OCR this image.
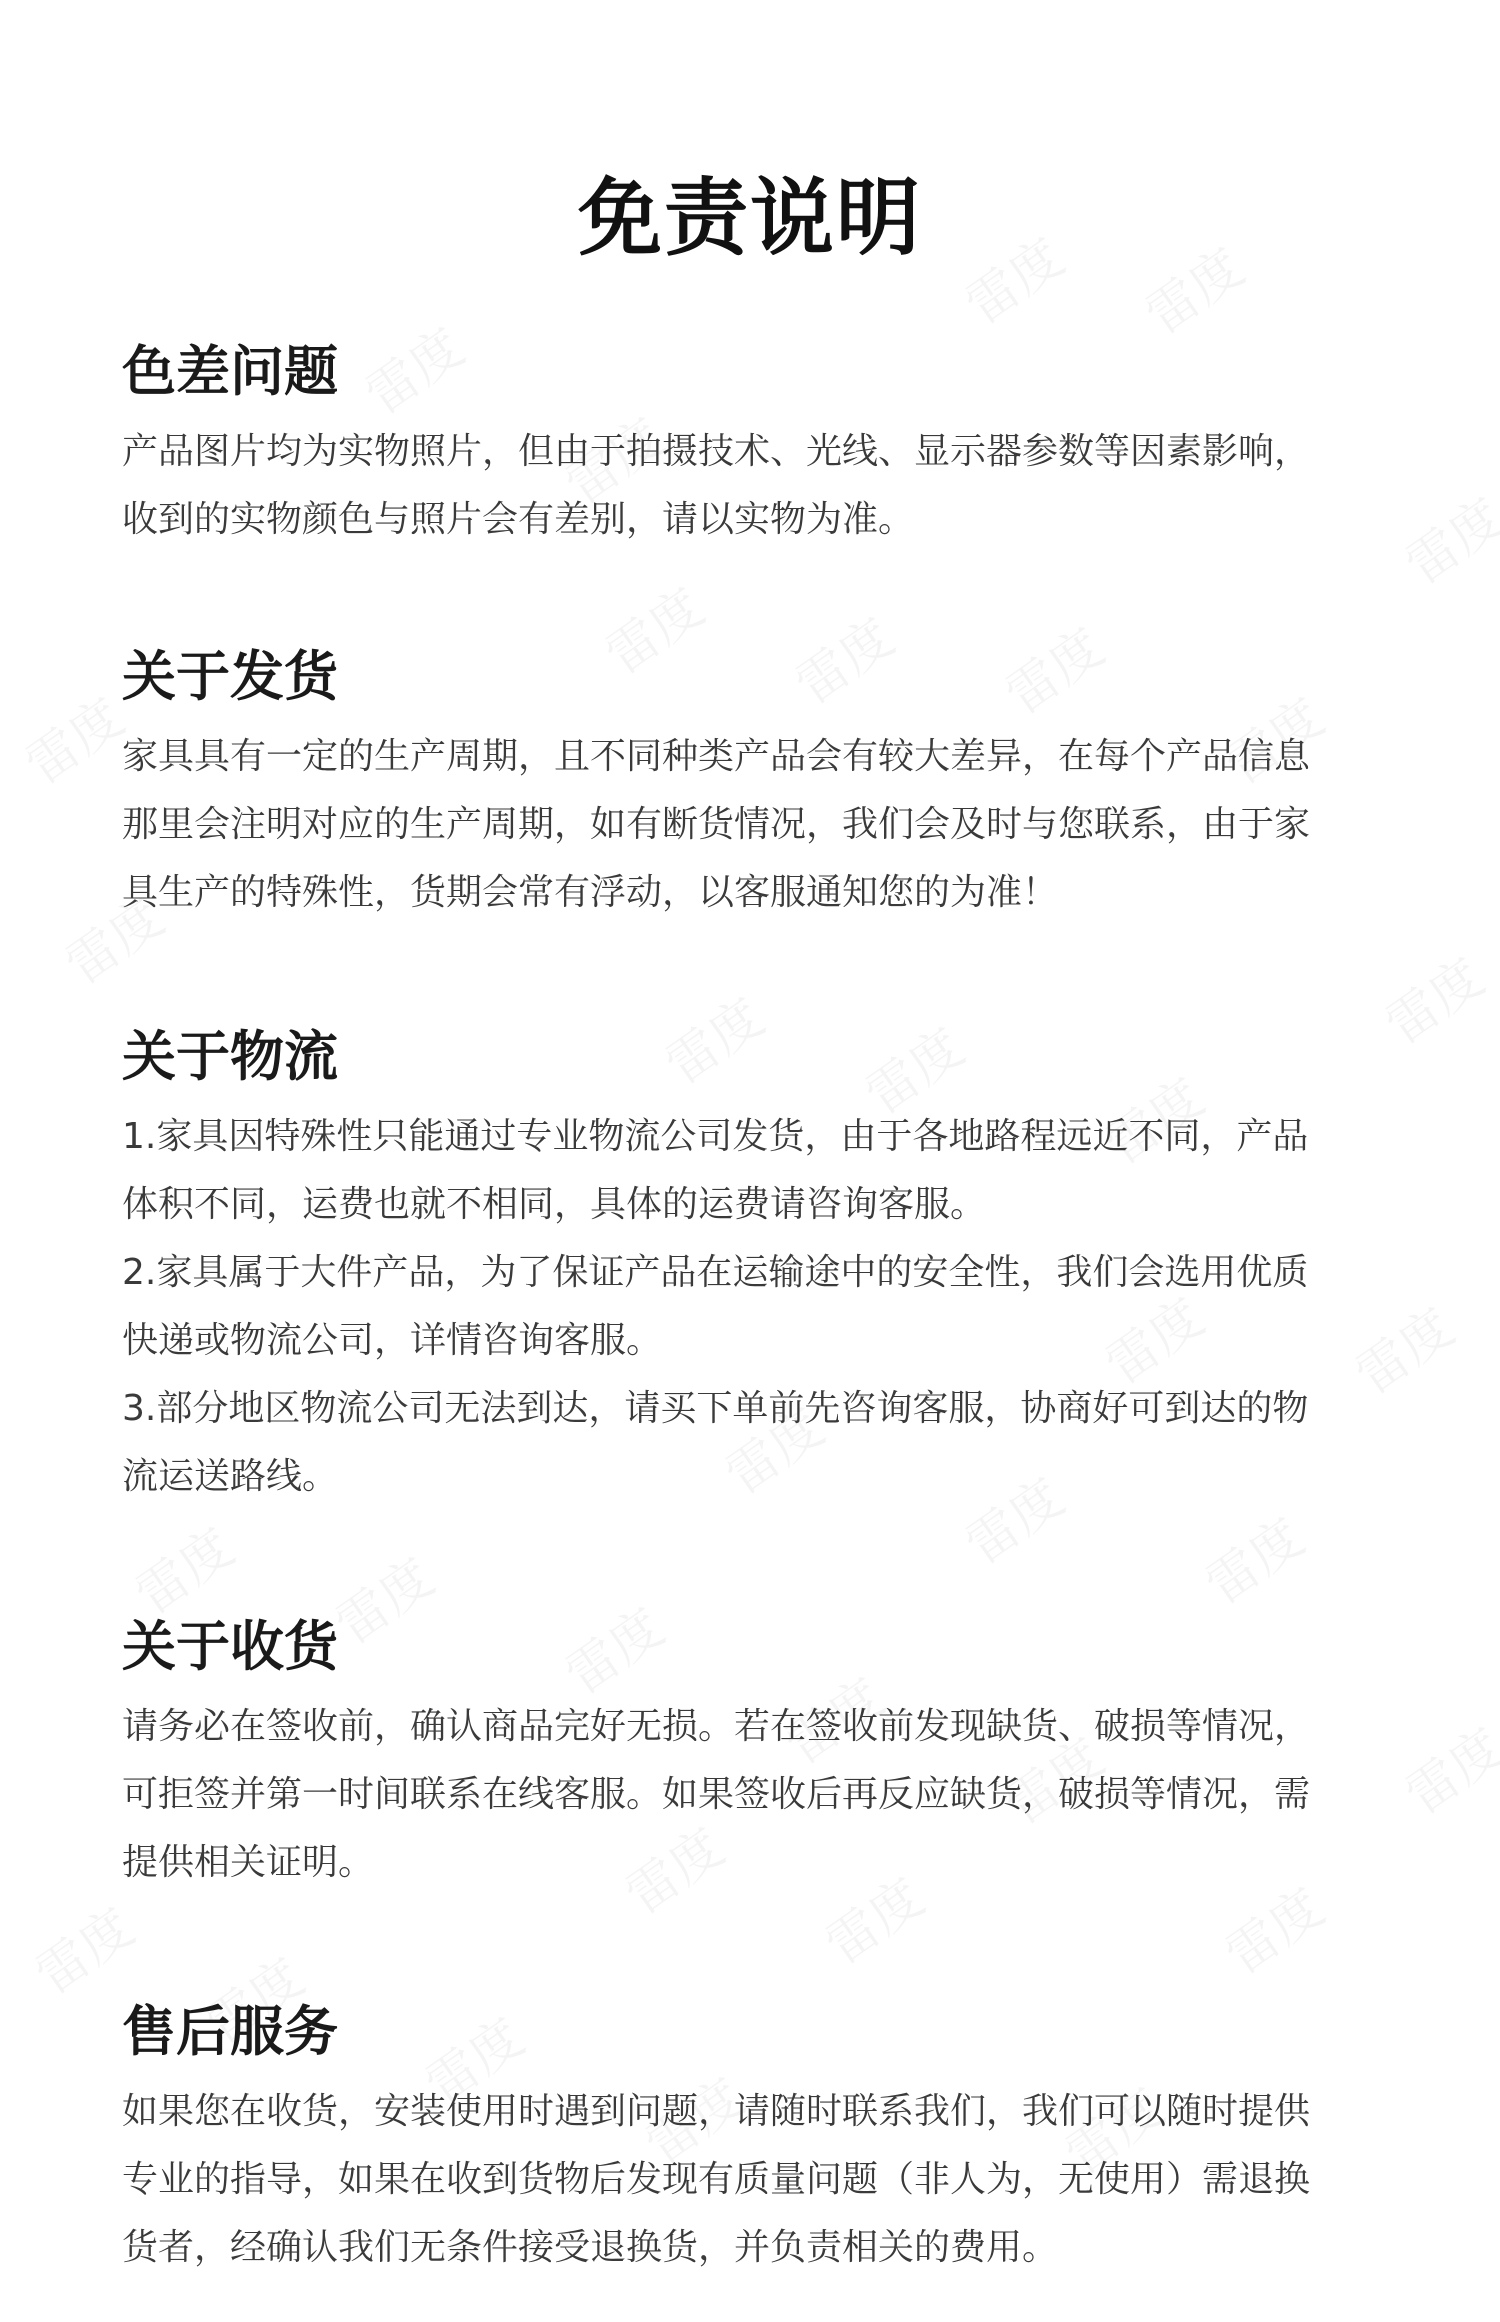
免责说明
色差问题

产品图片均为实物照片，但由于拍摄技术、光线、显示器参数等因素影响，
收到的实物颜色与照片会有差别，请以实物为准。

关于发货

家具具有一定的生产周期，且不同种类产品会有较大差异，在每个产品信息
那里会注明对应的生产周期，如有断货情况，我们会及时与您联系，由于家
具生产的特殊性，货期会常有浮动，以客服通知您的为准！

关于物流

1.家具因特殊性只能通过专业物流公司发货，由于各地路程远近不同，产品
体积不同，运费也就不相同，具体的运费请咨询客服。
2.家具属于大件产品，为了保证产品在运输途中的安全性，我们会选用优质
快递或物流公司，详情咨询客服。
3.部分地区物流公司无法到达，请买下单前先咨询客服，协商好可到达的物
流运送路线。

关于收货

请务必在签收前，确认商品完好无损。若在签收前发现缺货、破损等情况，
可拒签并第一时间联系在线客服。如果签收后再反应缺货，破损等情况，需
提供相关证明。

售后服务

如果您在收货，安装使用时遇到问题，请随时联系我们，我们可以随时提供
专业的指导，如果在收到货物后发现有质量问题（非人为，无使用）需退换
货者，经确认我们无条件接受退换货，并负责相关的费用。
